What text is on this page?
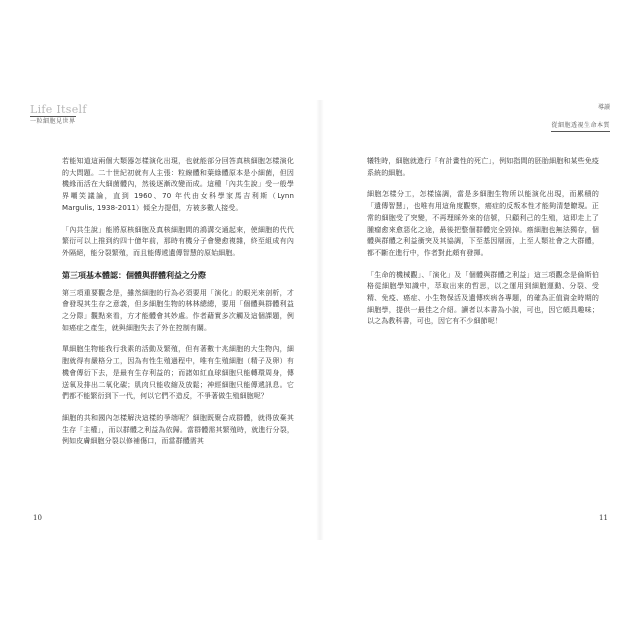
Life Itself
一粒細胞見世界
導讀
從細胞透視生命本質

若能知道這兩個大類器怎樣演化出現，也就能部分回答真核細胞怎樣演化的大問題。二十世紀初就有人主張：粒線體和葉綠體原本是小細菌，但因機緣而活在大細菌體內，然後逐漸改變而成。這種「內共生說」受一般學界嘲笑議論，直到 1960、70 年代由女科學家馬吉利斯（Lynn Margulis, 1938-2011）傾全力提倡，方被多數人接受。

「內共生說」能將原核細胞及真核細胞間的鴻溝交通起來，使細胞的代代繁衍可以上推到約四十億年前，那時有機分子會變愈複雜，終至組成有內外隔絕，能分裂繁殖，而且能傳遞遺傳智慧的原始細胞。

第三項基本體認：個體與群體利益之分際

第三項重要觀念是，雖然細胞的行為必須要用「演化」的眼光來剖析，才會發現其生存之意義，但多細胞生物的林林總總，要用「個體與群體利益之分際」觀點來看，方才能體會其妙處。作者藉實多次觸及這個課題，例如癌症之產生，就與細胞失去了外在控制有關。

單細胞生物能我行我素的活動及繁殖，但有著數十兆細胞的大生物內，細胞就得有嚴格分工，因為有性生殖過程中，唯有生殖細胞（精子及卵）有機會傳衍下去，是最有生存利益的；而諸如紅血球細胞只能轉環周身，傳送氧及排出二氧化碳；肌肉只能收縮及放鬆；神經細胞只能傳遞訊息。它們都不能繁衍到下一代，何以它們不造反，不爭著做生殖細胞呢？

細胞的共和國內怎樣解決這樣的爭端呢？細胞既聚合成群體，就得放棄其生存「主權」，而以群體之利益為依歸。當群體需其繁殖時，就進行分裂，例如皮膚細胞分裂以修補傷口，而當群體需其

犧牲時，細胞就進行「有計畫性的死亡」，例如指間的胚胎細胞和某些免疫系統的細胞。

細胞怎樣分工，怎樣協調，當是多細胞生物所以能演化出現，而累積的「遺傳智慧」，也唯有用這角度觀察，癌症的反叛本性才能夠清楚瞭現。正常的細胞受了突變，不再理睬外來的信號，只顧利己的生殖，這即走上了腫瘤愈來愈惡化之途，最後把整個群體完全毀掉。癌細胞也無法獨存，個體與群體之利益衝突及其協調，下至基因層面，上至人類社會之大群體，都不斷在進行中，作者對此頗有發揮。

「生命的機械觀」、「演化」及「個體與群體之利益」這三項觀念是倫斯伯格從細胞學知識中，萃取出來的哲思，以之運用到細胞運動、分裂、受精、免疫、癌症、小生物保活及遺傳疾病各專題，的確為正值資金時期的細胞學，提供一最佳之介紹。讀者以本書為小說，可也，因它頗具趣味；以之為教科書，可也，因它有不少細節呢！

10	11
